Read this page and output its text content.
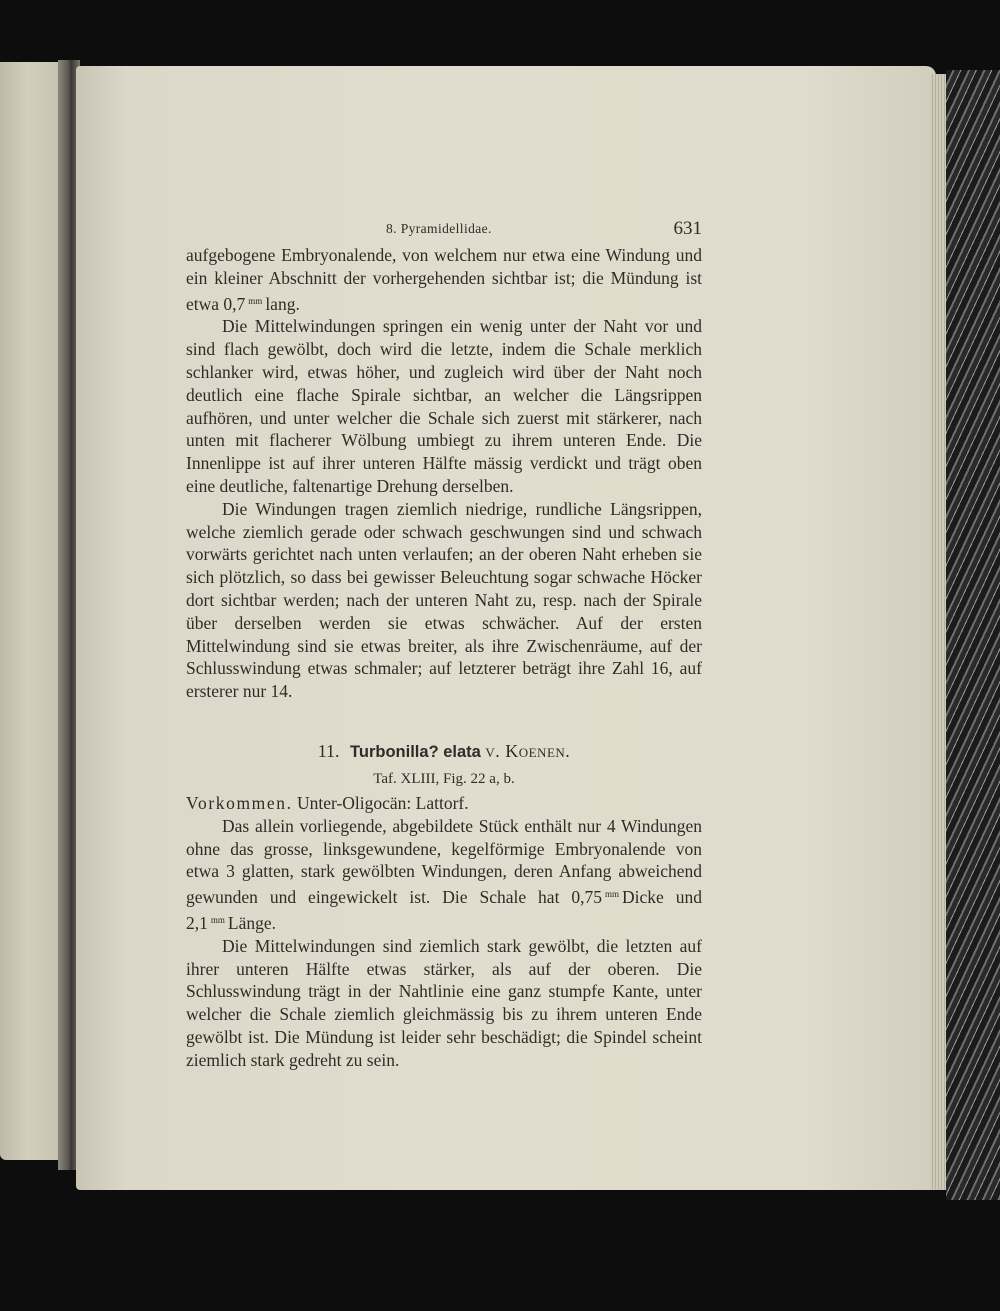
8. Pyramidellidae.	631

aufgebogene Embryonalende, von welchem nur etwa eine Windung und ein kleiner Abschnitt der vorhergehenden sichtbar ist; die Mündung ist etwa 0,7 $^{mm}$ lang.

Die Mittelwindungen springen ein wenig unter der Naht vor und sind flach gewölbt, doch wird die letzte, indem die Schale merklich schlanker wird, etwas höher, und zugleich wird über der Naht noch deutlich eine flache Spirale sichtbar, an welcher die Längsrippen aufhören, und unter welcher die Schale sich zuerst mit stärkerer, nach unten mit flacherer Wölbung umbiegt zu ihrem unteren Ende. Die Innenlippe ist auf ihrer unteren Hälfte mässig verdickt und trägt oben eine deutliche, faltenartige Drehung derselben.

Die Windungen tragen ziemlich niedrige, rundliche Längsrippen, welche ziemlich gerade oder schwach geschwungen sind und schwach vorwärts gerichtet nach unten verlaufen; an der oberen Naht erheben sie sich plötzlich, so dass bei gewisser Beleuchtung sogar schwache Höcker dort sichtbar werden; nach der unteren Naht zu, resp. nach der Spirale über derselben werden sie etwas schwächer. Auf der ersten Mittelwindung sind sie etwas breiter, als ihre Zwischenräume, auf der Schlusswindung etwas schmaler; auf letzterer beträgt ihre Zahl 16, auf ersterer nur 14.

11. Turbonilla? elata v. Koenen.
Taf. XLIII, Fig. 22 a, b.

Vorkommen. Unter-Oligocän: Lattorf.

Das allein vorliegende, abgebildete Stück enthält nur 4 Windungen ohne das grosse, linksgewundene, kegelförmige Embryonalende von etwa 3 glatten, stark gewölbten Windungen, deren Anfang abweichend gewunden und eingewickelt ist. Die Schale hat 0,75 $^{mm}$ Dicke und 2,1 $^{mm}$ Länge.

Die Mittelwindungen sind ziemlich stark gewölbt, die letzten auf ihrer unteren Hälfte etwas stärker, als auf der oberen. Die Schlusswindung trägt in der Nahtlinie eine ganz stumpfe Kante, unter welcher die Schale ziemlich gleichmässig bis zu ihrem unteren Ende gewölbt ist. Die Mündung ist leider sehr beschädigt; die Spindel scheint ziemlich stark gedreht zu sein.
